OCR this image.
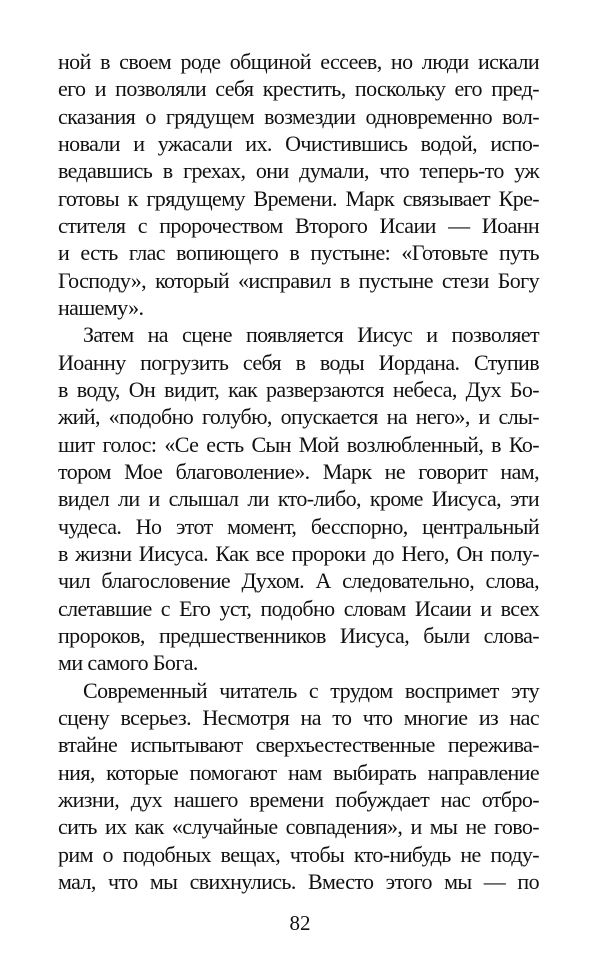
ной в своем роде общиной ессеев, но люди искали
его и позволяли себя крестить, поскольку его пред-
сказания о грядущем возмездии одновременно вол-
новали и ужасали их. Очистившись водой, испо-
ведавшись в грехах, они думали, что теперь-то уж
готовы к грядущему Времени. Марк связывает Кре-
стителя с пророчеством Второго Исаии — Иоанн
и есть глас вопиющего в пустыне: «Готовьте путь
Господу», который «исправил в пустыне стези Богу
нашему».
Затем на сцене появляется Иисус и позволяет
Иоанну погрузить себя в воды Иордана. Ступив
в воду, Он видит, как разверзаются небеса, Дух Бо-
жий, «подобно голубю, опускается на него», и слы-
шит голос: «Се есть Сын Мой возлюбленный, в Ко-
тором Мое благоволение». Марк не говорит нам,
видел ли и слышал ли кто-либо, кроме Иисуса, эти
чудеса. Но этот момент, бесспорно, центральный
в жизни Иисуса. Как все пророки до Него, Он полу-
чил благословение Духом. А следовательно, слова,
слетавшие с Его уст, подобно словам Исаии и всех
пророков, предшественников Иисуса, были слова-
ми самого Бога.
Современный читатель с трудом воспримет эту
сцену всерьез. Несмотря на то что многие из нас
втайне испытывают сверхъестественные пережива-
ния, которые помогают нам выбирать направление
жизни, дух нашего времени побуждает нас отбро-
сить их как «случайные совпадения», и мы не гово-
рим о подобных вещах, чтобы кто-нибудь не поду-
мал, что мы свихнулись. Вместо этого мы — по
82
